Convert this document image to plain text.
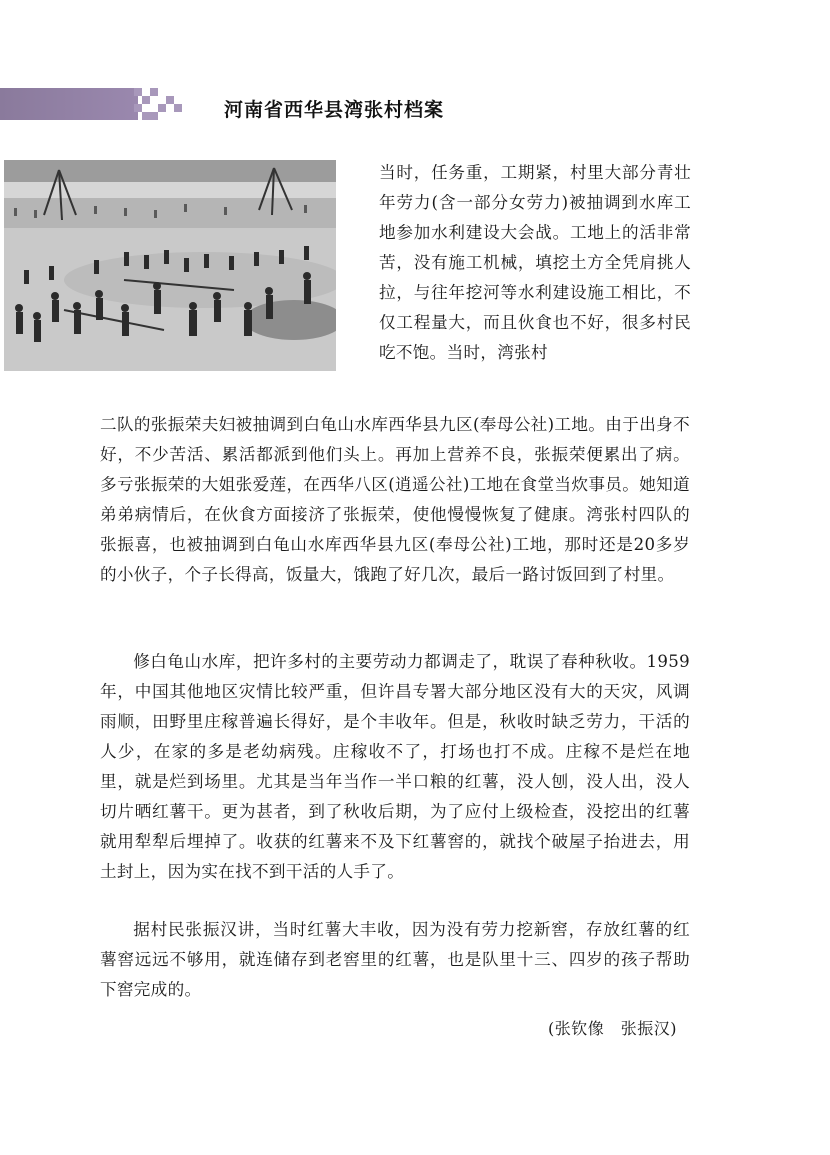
河南省西华县湾张村档案
当时，任务重，工期紧，村里大部分青壮年劳力(含一部分女劳力)被抽调到水库工地参加水利建设大会战。工地上的活非常苦，没有施工机械，填挖土方全凭肩挑人拉，与往年挖河等水利建设施工相比，不仅工程量大，而且伙食也不好，很多村民吃不饱。当时，湾张村
二队的张振荣夫妇被抽调到白龟山水库西华县九区(奉母公社)工地。由于出身不好，不少苦活、累活都派到他们头上。再加上营养不良，张振荣便累出了病。多亏张振荣的大姐张爱莲，在西华八区(逍遥公社)工地在食堂当炊事员。她知道弟弟病情后，在伙食方面接济了张振荣，使他慢慢恢复了健康。湾张村四队的张振喜，也被抽调到白龟山水库西华县九区(奉母公社)工地，那时还是20多岁的小伙子，个子长得高，饭量大，饿跑了好几次，最后一路讨饭回到了村里。
修白龟山水库，把许多村的主要劳动力都调走了，耽误了春种秋收。1959年，中国其他地区灾情比较严重，但许昌专署大部分地区没有大的天灾，风调雨顺，田野里庄稼普遍长得好，是个丰收年。但是，秋收时缺乏劳力，干活的人少，在家的多是老幼病残。庄稼收不了，打场也打不成。庄稼不是烂在地里，就是烂到场里。尤其是当年当作一半口粮的红薯，没人刨，没人出，没人切片晒红薯干。更为甚者，到了秋收后期，为了应付上级检查，没挖出的红薯就用犁犁后埋掉了。收获的红薯来不及下红薯窖的，就找个破屋子抬进去，用土封上，因为实在找不到干活的人手了。
据村民张振汉讲，当时红薯大丰收，因为没有劳力挖新窖，存放红薯的红薯窖远远不够用，就连储存到老窖里的红薯，也是队里十三、四岁的孩子帮助下窖完成的。
(张钦像　张振汉)
